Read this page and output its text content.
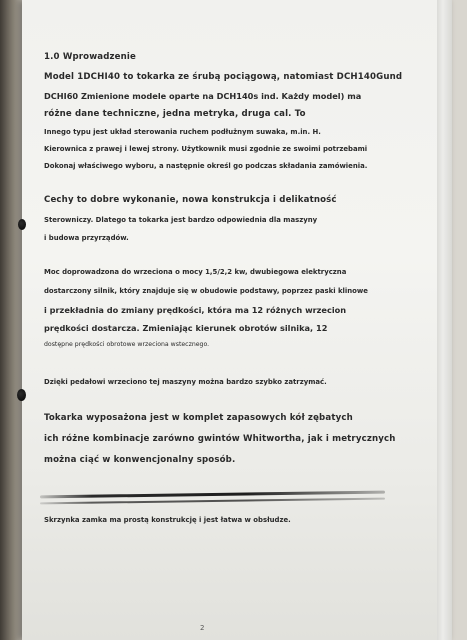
1.0 Wprowadzenie

Model 1DCHI40 to tokarka ze śrubą pociągową, natomiast DCH140Gund

DCHI60 Zmienione modele oparte na DCH140s ind. Każdy model) ma

różne dane techniczne, jedna metryka, druga cal. To

Innego typu jest układ sterowania ruchem podłużnym suwaka, m.in. H.

Kierownica z prawej i lewej strony. Użytkownik musi zgodnie ze swoimi potrzebami

Dokonaj właściwego wyboru, a następnie określ go podczas składania zamówienia.

Cechy to dobre wykonanie, nowa konstrukcja i delikatność

Sterowniczy. Dlatego ta tokarka jest bardzo odpowiednia dla maszyny

i budowa przyrządów.

Moc doprowadzona do wrzeciona o mocy 1,5/2,2 kw, dwubiegowa elektryczna

dostarczony silnik, który znajduje się w obudowie podstawy, poprzez paski klinowe

i przekładnia do zmiany prędkości, która ma 12 różnych wrzecion

prędkości dostarcza. Zmieniając kierunek obrotów silnika, 12

dostępne prędkości obrotowe wrzeciona wstecznego.

Dzięki pedałowi wrzeciono tej maszyny można bardzo szybko zatrzymać.

Tokarka wyposażona jest w komplet zapasowych kół zębatych

ich różne kombinacje zarówno gwintów Whitwortha, jak i metrycznych

można ciąć w konwencjonalny sposób.

Skrzynka zamka ma prostą konstrukcję i jest łatwa w obsłudze.

2
